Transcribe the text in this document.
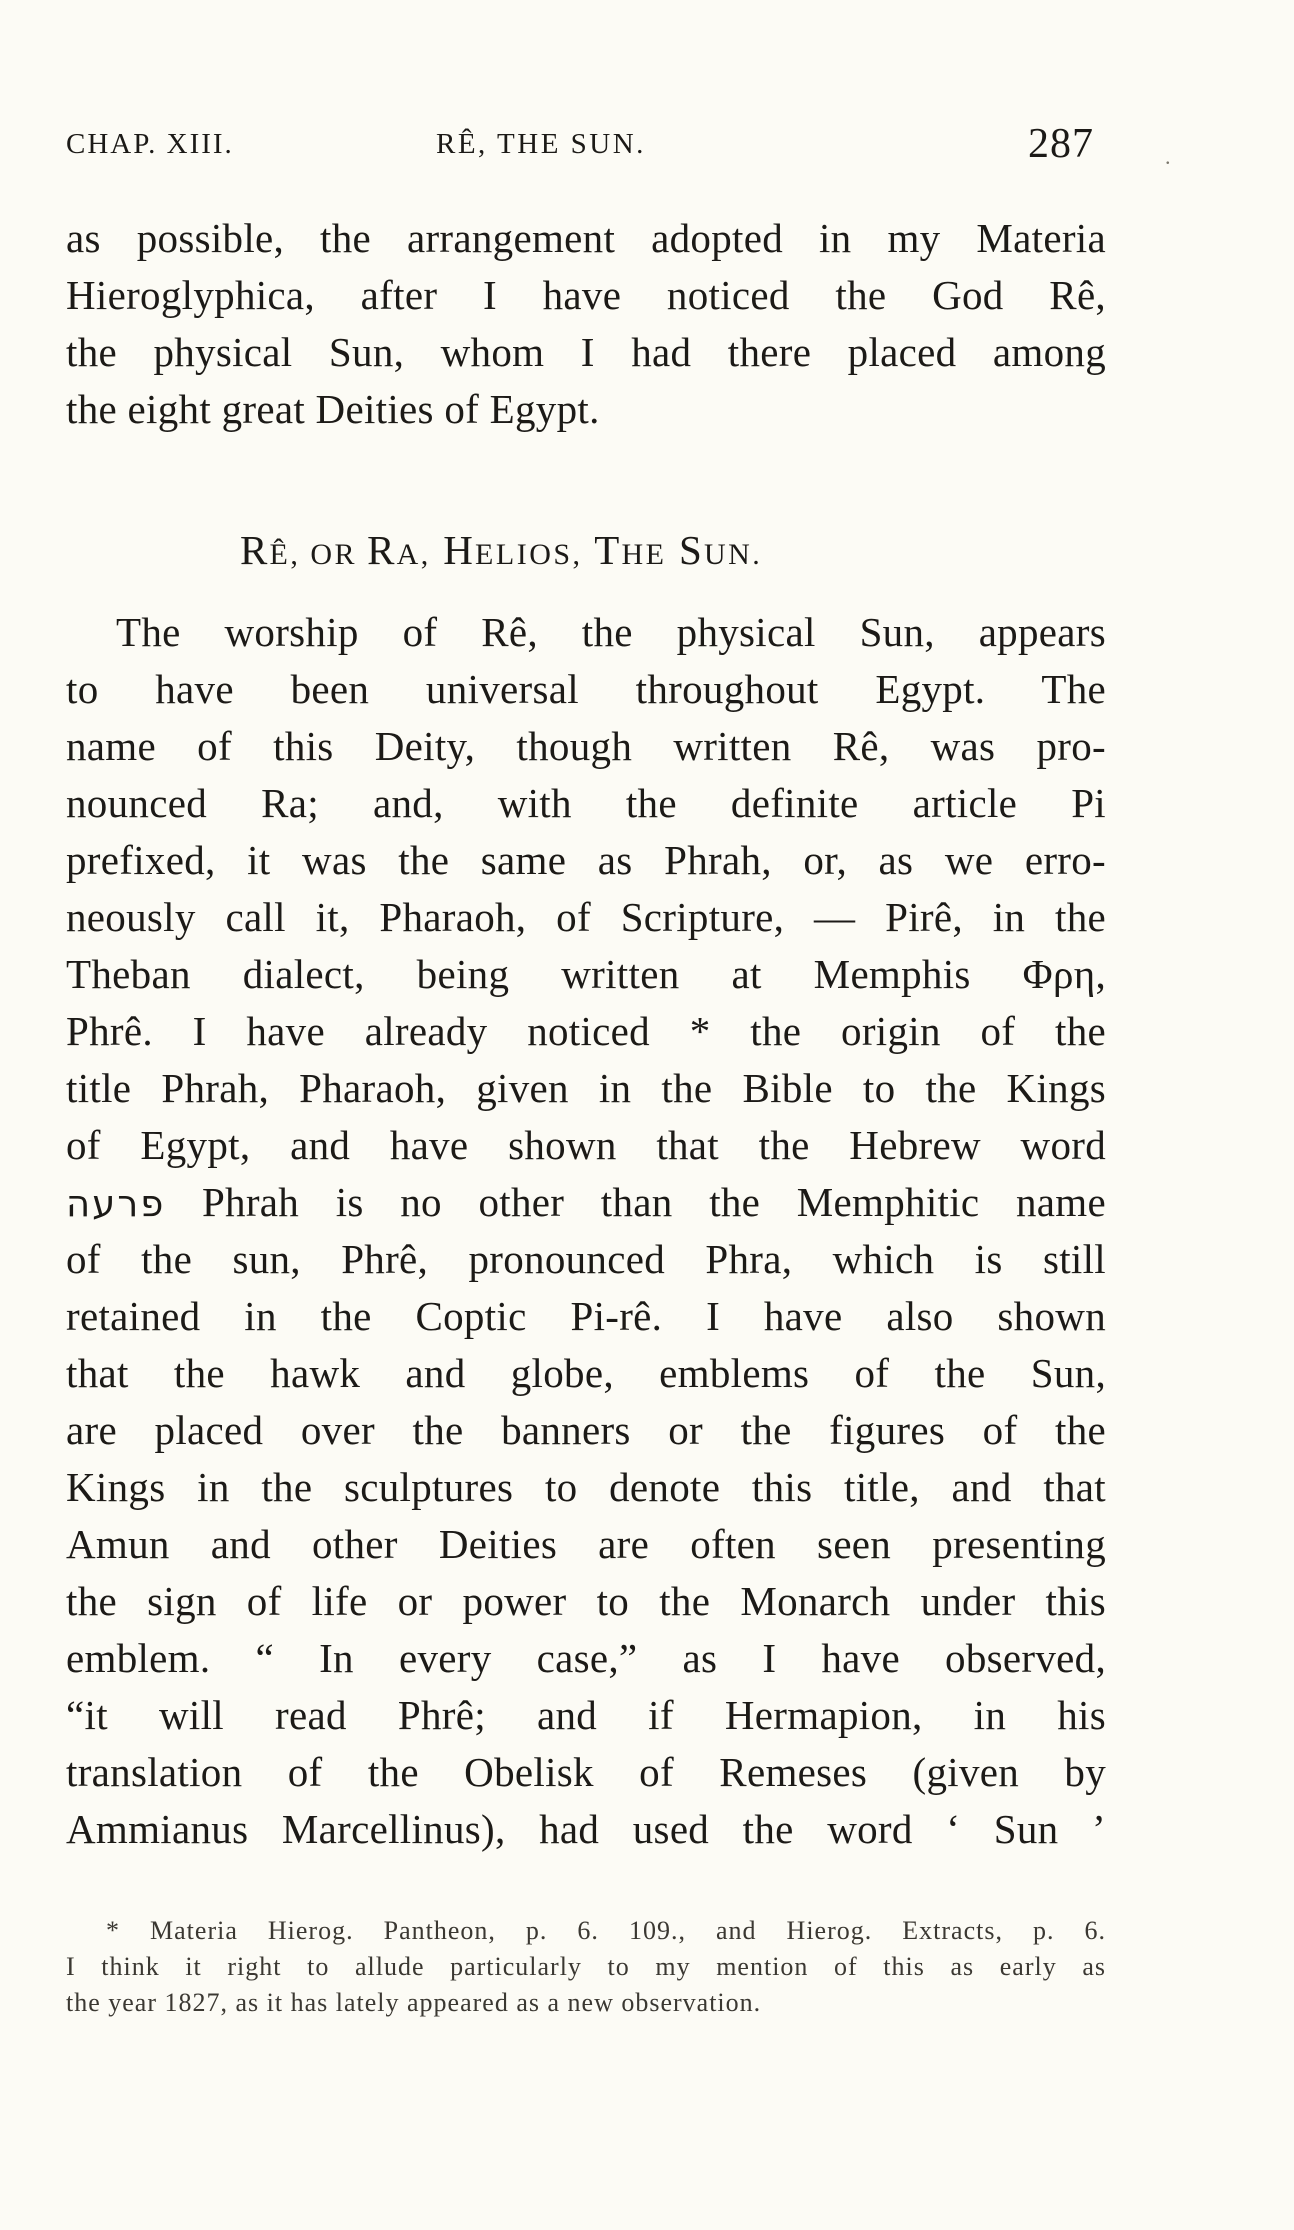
CHAP. XIII.	RÊ, THE SUN.	287	.
as possible, the arrangement adopted in my Materia
Hieroglyphica, after I have noticed the God Rê,
the physical Sun, whom I had there placed among
the eight great Deities of Egypt.
RÊ, OR RA, HELIOS, THE SUN.
The worship of Rê, the physical Sun, appears
to have been universal throughout Egypt. The
name of this Deity, though written Rê, was pro-
nounced Ra; and, with the definite article Pi
prefixed, it was the same as Phrah, or, as we erro-
neously call it, Pharaoh, of Scripture, — Pirê, in the
Theban dialect, being written at Memphis Φρη,
Phrê. I have already noticed * the origin of the
title Phrah, Pharaoh, given in the Bible to the Kings
of Egypt, and have shown that the Hebrew word
פרעה Phrah is no other than the Memphitic name
of the sun, Phrê, pronounced Phra, which is still
retained in the Coptic Pi-rê. I have also shown
that the hawk and globe, emblems of the Sun,
are placed over the banners or the figures of the
Kings in the sculptures to denote this title, and that
Amun and other Deities are often seen presenting
the sign of life or power to the Monarch under this
emblem. “ In every case,” as I have observed,
“it will read Phrê; and if Hermapion, in his
translation of the Obelisk of Remeses (given by
Ammianus Marcellinus), had used the word ‘ Sun ’
* Materia Hierog. Pantheon, p. 6. 109., and Hierog. Extracts, p. 6.
I think it right to allude particularly to my mention of this as early as
the year 1827, as it has lately appeared as a new observation.
